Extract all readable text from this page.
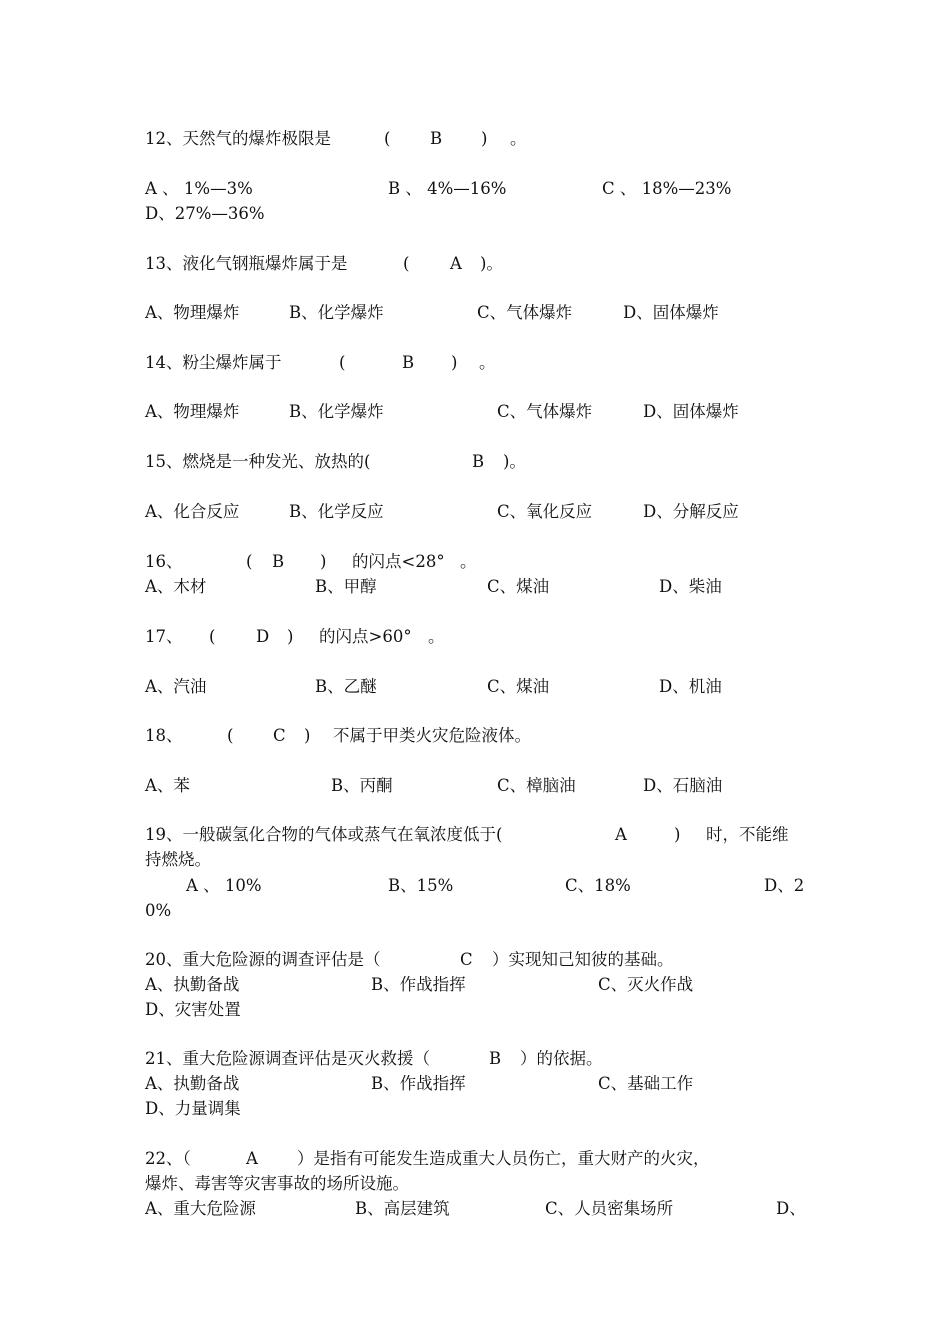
12、天然气的爆炸极限是	( B ) 。
A 、 1%—3%	B 、 4%—16%	C 、 18%—23%
D、27%—36%
13、液化气钢瓶爆炸属于是	( A )。
A、物理爆炸	B、化学爆炸	C、气体爆炸	D、固体爆炸
14、粉尘爆炸属于	(	B ) 。
A、物理爆炸	B、化学爆炸	C、气体爆炸	D、固体爆炸
15、燃烧是一种发光、放热的(	B )。
A、化合反应	B、化学反应	C、氧化反应	D、分解反应
16、	( B ) 的闪点<28° 。
A、木材	B、甲醇	C、煤油	D、柴油
17、 ( D ) 的闪点>60° 。
A、汽油	B、乙醚	C、煤油	D、机油
18、	( C ) 不属于甲类火灾危险液体。
A、苯	B、丙酮	C、樟脑油	D、石脑油
19、一般碳氢化合物的气体或蒸气在氧浓度低于(	A	) 时，不能维
持燃烧。
A 、 10%	B、15%	C、18%	D、2
0%
20、重大危险源的调查评估是（	C ）实现知己知彼的基础。
A、执勤备战	B、作战指挥	C、灭火作战
D、灾害处置
21、重大危险源调查评估是灭火救援（	B ）的依据。
A、执勤备战	B、作战指挥	C、基础工作
D、力量调集
22、（	A ）是指有可能发生造成重大人员伤亡，重大财产的火灾，
爆炸、毒害等灾害事故的场所设施。
A、重大危险源	B、高层建筑	C、人员密集场所	D、
